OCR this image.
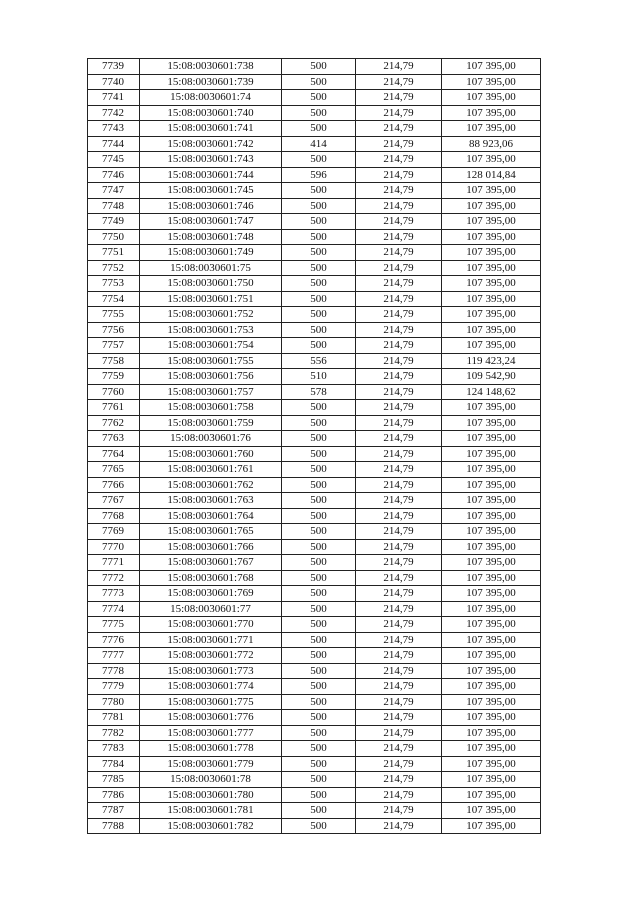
7739	15:08:0030601:738	500	214,79	107 395,00
7740	15:08:0030601:739	500	214,79	107 395,00
7741	15:08:0030601:74	500	214,79	107 395,00
7742	15:08:0030601:740	500	214,79	107 395,00
7743	15:08:0030601:741	500	214,79	107 395,00
7744	15:08:0030601:742	414	214,79	88 923,06
7745	15:08:0030601:743	500	214,79	107 395,00
7746	15:08:0030601:744	596	214,79	128 014,84
7747	15:08:0030601:745	500	214,79	107 395,00
7748	15:08:0030601:746	500	214,79	107 395,00
7749	15:08:0030601:747	500	214,79	107 395,00
7750	15:08:0030601:748	500	214,79	107 395,00
7751	15:08:0030601:749	500	214,79	107 395,00
7752	15:08:0030601:75	500	214,79	107 395,00
7753	15:08:0030601:750	500	214,79	107 395,00
7754	15:08:0030601:751	500	214,79	107 395,00
7755	15:08:0030601:752	500	214,79	107 395,00
7756	15:08:0030601:753	500	214,79	107 395,00
7757	15:08:0030601:754	500	214,79	107 395,00
7758	15:08:0030601:755	556	214,79	119 423,24
7759	15:08:0030601:756	510	214,79	109 542,90
7760	15:08:0030601:757	578	214,79	124 148,62
7761	15:08:0030601:758	500	214,79	107 395,00
7762	15:08:0030601:759	500	214,79	107 395,00
7763	15:08:0030601:76	500	214,79	107 395,00
7764	15:08:0030601:760	500	214,79	107 395,00
7765	15:08:0030601:761	500	214,79	107 395,00
7766	15:08:0030601:762	500	214,79	107 395,00
7767	15:08:0030601:763	500	214,79	107 395,00
7768	15:08:0030601:764	500	214,79	107 395,00
7769	15:08:0030601:765	500	214,79	107 395,00
7770	15:08:0030601:766	500	214,79	107 395,00
7771	15:08:0030601:767	500	214,79	107 395,00
7772	15:08:0030601:768	500	214,79	107 395,00
7773	15:08:0030601:769	500	214,79	107 395,00
7774	15:08:0030601:77	500	214,79	107 395,00
7775	15:08:0030601:770	500	214,79	107 395,00
7776	15:08:0030601:771	500	214,79	107 395,00
7777	15:08:0030601:772	500	214,79	107 395,00
7778	15:08:0030601:773	500	214,79	107 395,00
7779	15:08:0030601:774	500	214,79	107 395,00
7780	15:08:0030601:775	500	214,79	107 395,00
7781	15:08:0030601:776	500	214,79	107 395,00
7782	15:08:0030601:777	500	214,79	107 395,00
7783	15:08:0030601:778	500	214,79	107 395,00
7784	15:08:0030601:779	500	214,79	107 395,00
7785	15:08:0030601:78	500	214,79	107 395,00
7786	15:08:0030601:780	500	214,79	107 395,00
7787	15:08:0030601:781	500	214,79	107 395,00
7788	15:08:0030601:782	500	214,79	107 395,00
